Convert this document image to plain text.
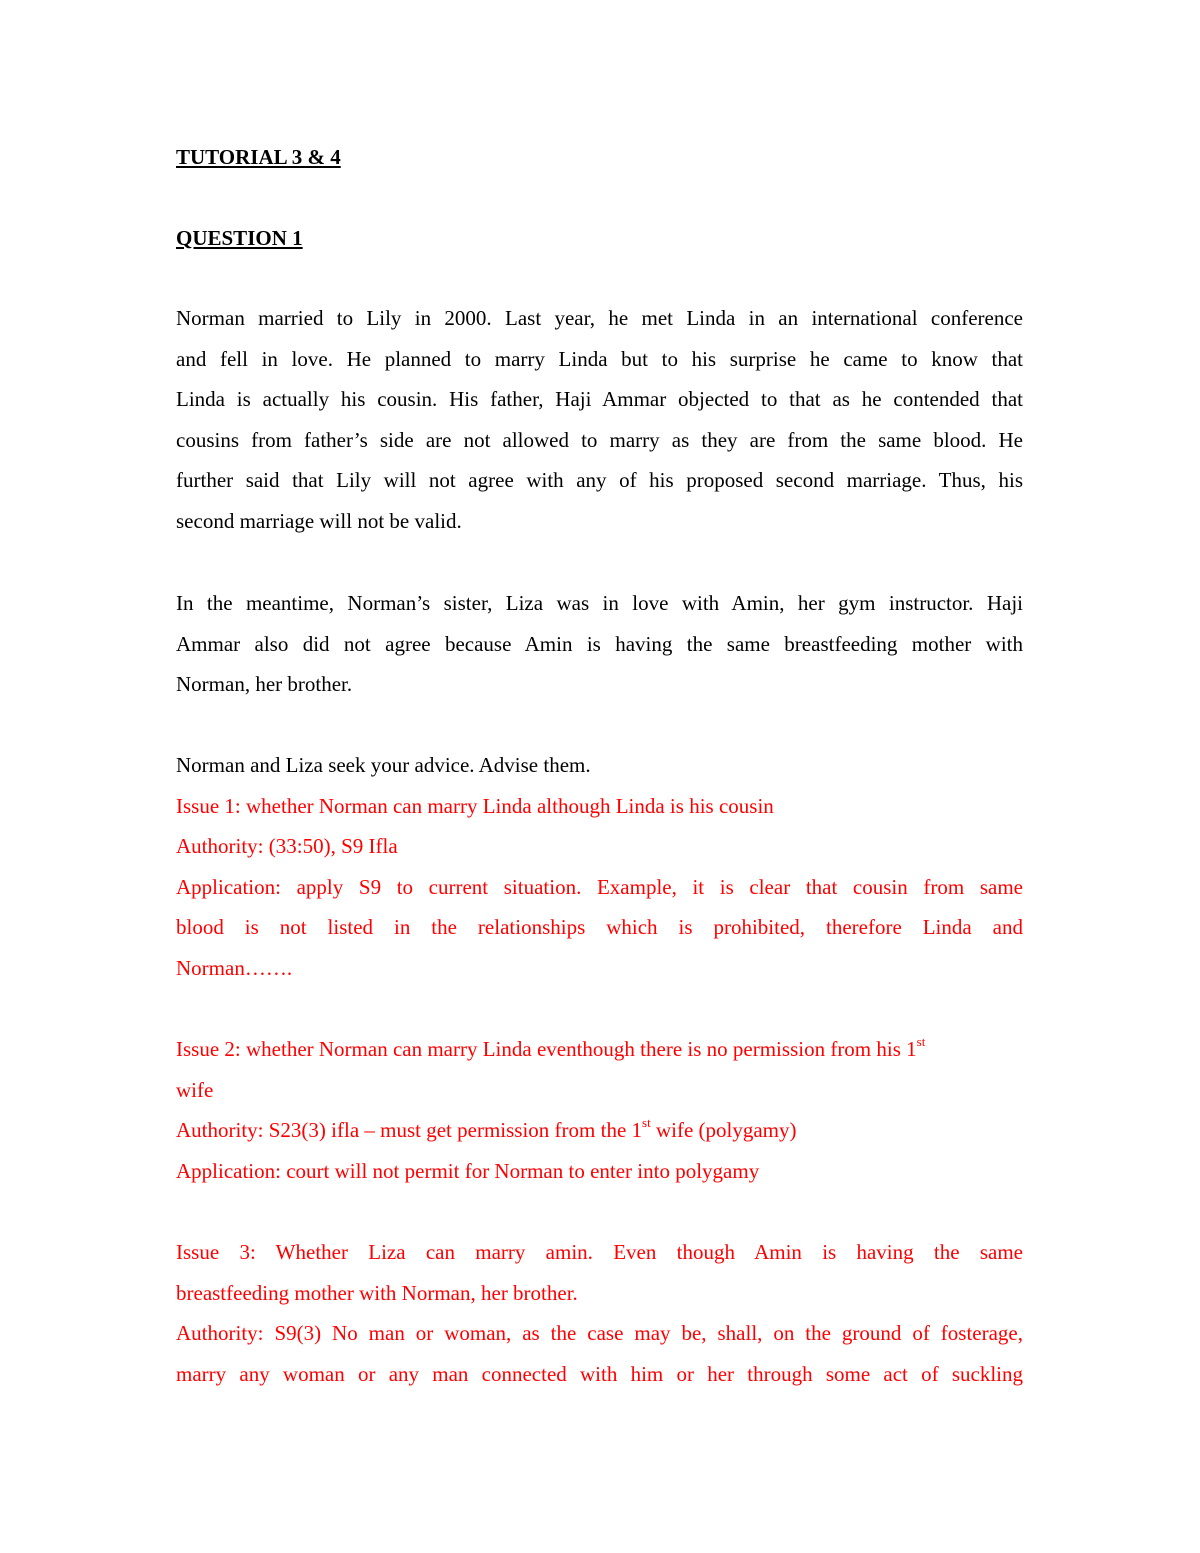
TUTORIAL 3 & 4
QUESTION 1
Norman married to Lily in 2000. Last year, he met Linda in an international conference
and fell in love. He planned to marry Linda but to his surprise he came to know that
Linda is actually his cousin. His father, Haji Ammar objected to that as he contended that
cousins from father’s side are not allowed to marry as they are from the same blood. He
further said that Lily will not agree with any of his proposed second marriage. Thus, his
second marriage will not be valid.
In the meantime, Norman’s sister, Liza was in love with Amin, her gym instructor. Haji
Ammar also did not agree because Amin is having the same breastfeeding mother with
Norman, her brother.
Norman and Liza seek your advice. Advise them.
Issue 1: whether Norman can marry Linda although Linda is his cousin
Authority: (33:50), S9 Ifla
Application: apply S9 to current situation. Example, it is clear that cousin from same
blood is not listed in the relationships which is prohibited, therefore Linda and
Norman…….
Issue 2: whether Norman can marry Linda eventhough there is no permission from his 1st
wife
Authority: S23(3) ifla – must get permission from the 1st wife (polygamy)
Application: court will not permit for Norman to enter into polygamy
Issue 3: Whether Liza can marry amin. Even though Amin is having the same
breastfeeding mother with Norman, her brother.
Authority: S9(3) No man or woman, as the case may be, shall, on the ground of fosterage,
marry any woman or any man connected with him or her through some act of suckling
